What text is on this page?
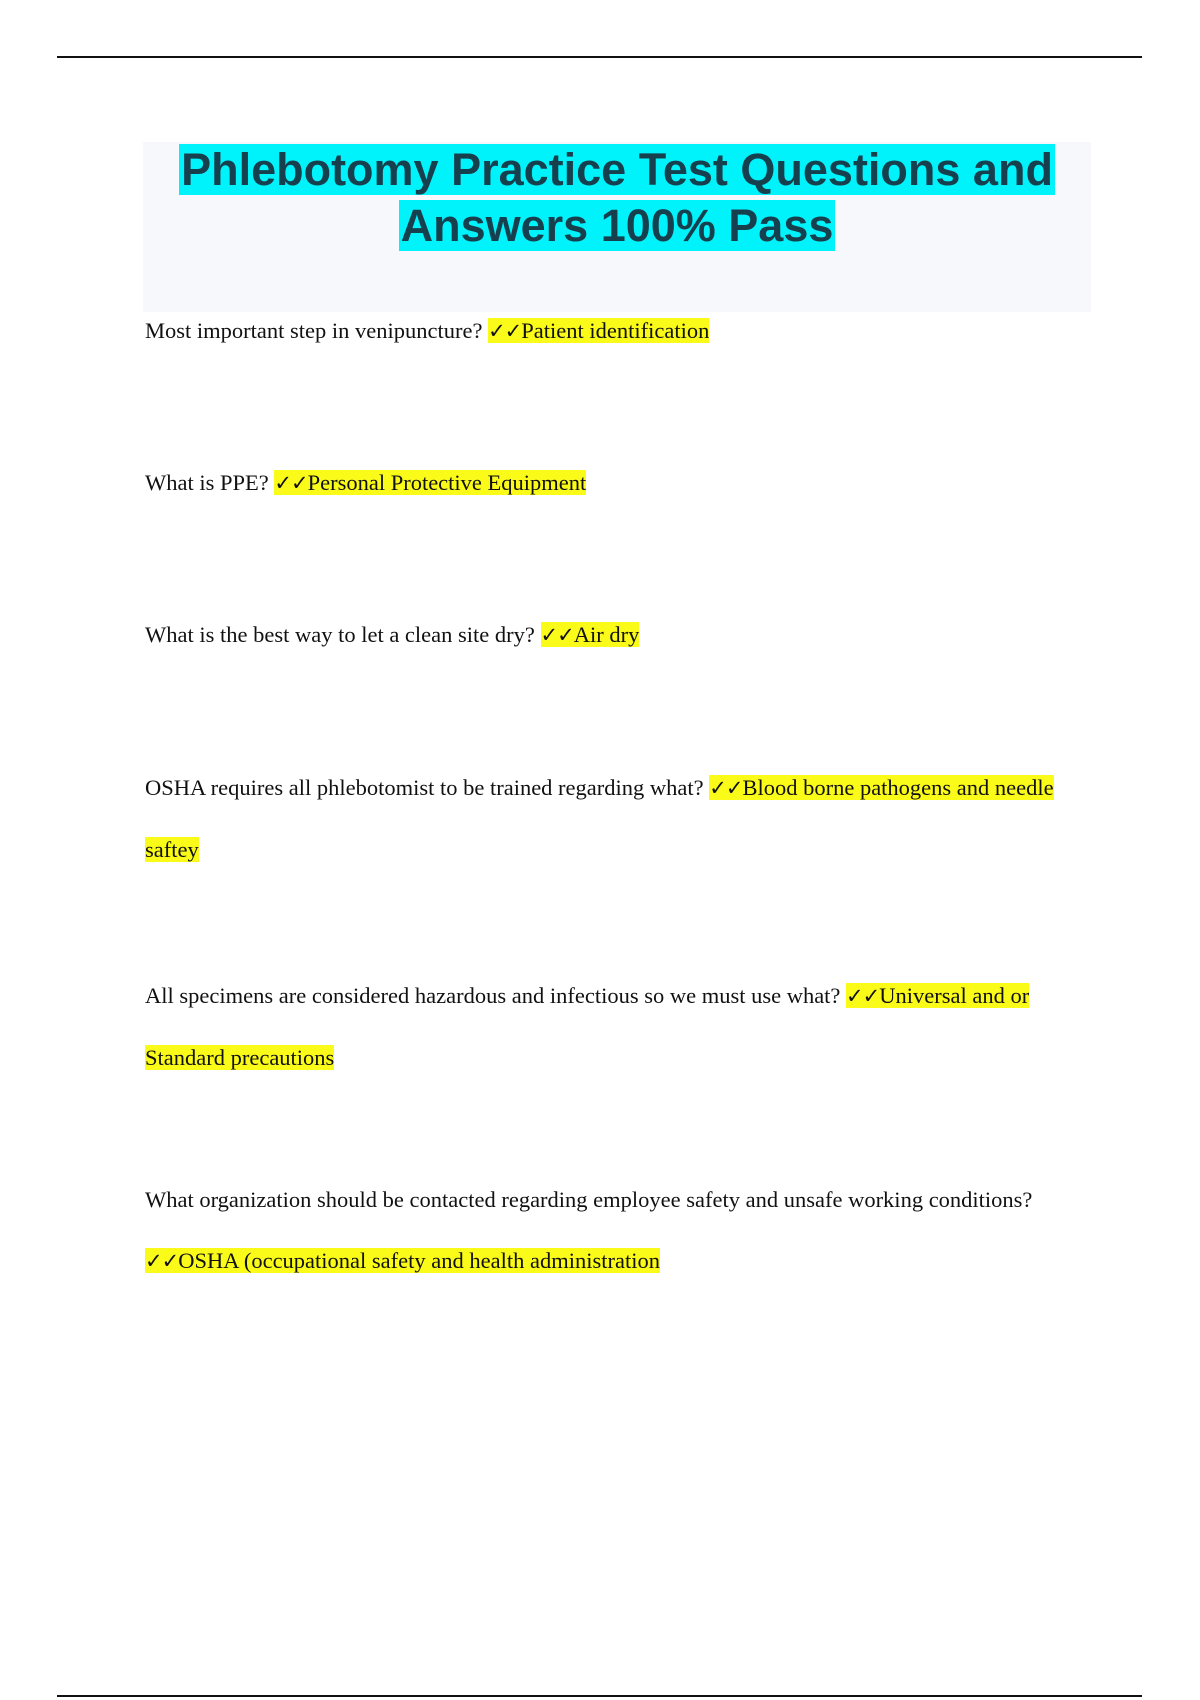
Phlebotomy Practice Test Questions and
Answers 100% Pass

Most important step in venipuncture? ✓✓Patient identification

What is PPE? ✓✓Personal Protective Equipment

What is the best way to let a clean site dry? ✓✓Air dry

OSHA requires all phlebotomist to be trained regarding what? ✓✓Blood borne pathogens and needle saftey

All specimens are considered hazardous and infectious so we must use what? ✓✓Universal and or Standard precautions

What organization should be contacted regarding employee safety and unsafe working conditions? ✓✓OSHA (occupational safety and health administration
